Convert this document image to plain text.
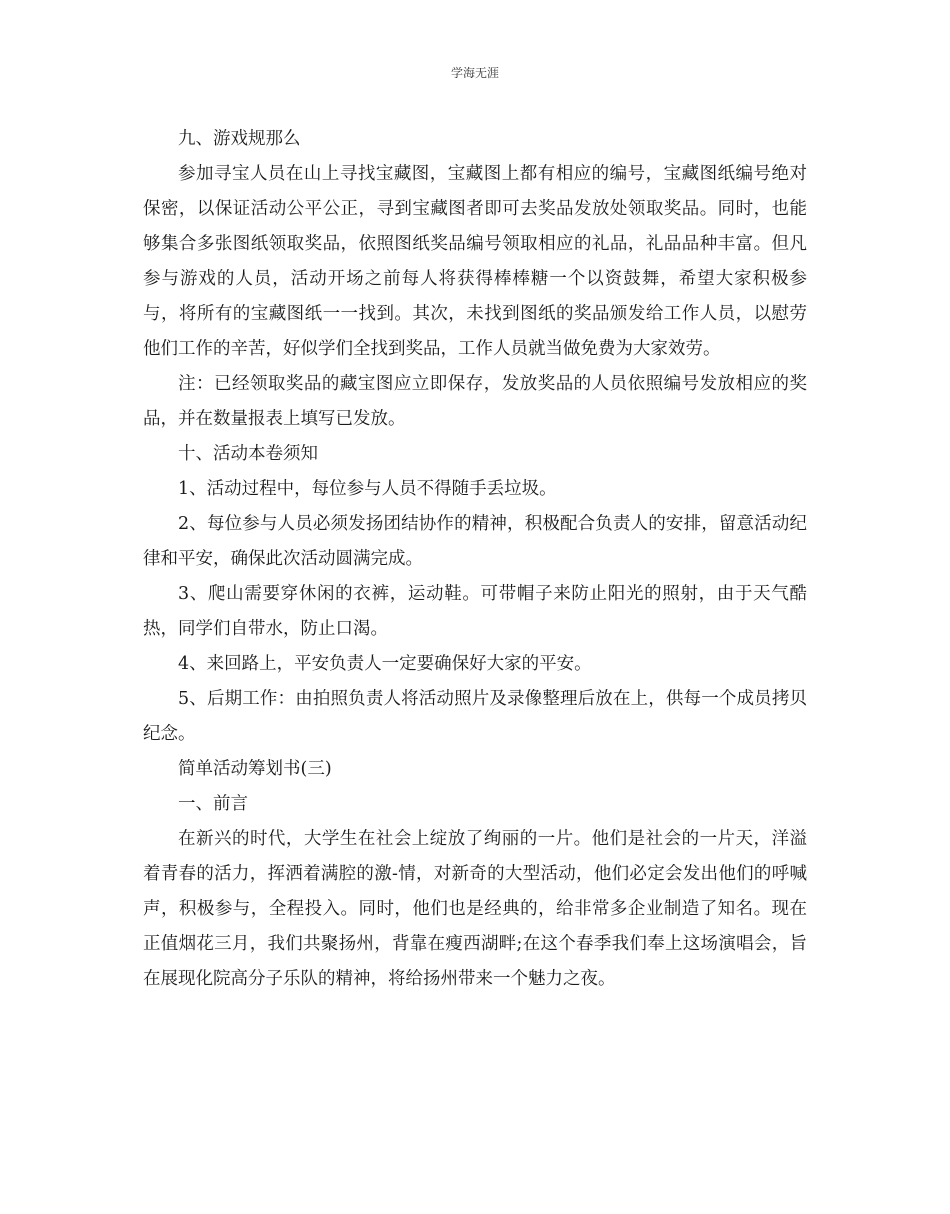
学海无涯

九、游戏规那么

参加寻宝人员在山上寻找宝藏图，宝藏图上都有相应的编号，宝藏图纸编号绝对保密，以保证活动公平公正，寻到宝藏图者即可去奖品发放处领取奖品。同时，也能够集合多张图纸领取奖品，依照图纸奖品编号领取相应的礼品，礼品品种丰富。但凡参与游戏的人员，活动开场之前每人将获得棒棒糖一个以资鼓舞，希望大家积极参与，将所有的宝藏图纸一一找到。其次，未找到图纸的奖品颁发给工作人员，以慰劳他们工作的辛苦，好似学们全找到奖品，工作人员就当做免费为大家效劳。

注：已经领取奖品的藏宝图应立即保存，发放奖品的人员依照编号发放相应的奖品，并在数量报表上填写已发放。

十、活动本卷须知

1、活动过程中，每位参与人员不得随手丢垃圾。

2、每位参与人员必须发扬团结协作的精神，积极配合负责人的安排，留意活动纪律和平安，确保此次活动圆满完成。

3、爬山需要穿休闲的衣裤，运动鞋。可带帽子来防止阳光的照射，由于天气酷热，同学们自带水，防止口渴。

4、来回路上，平安负责人一定要确保好大家的平安。

5、后期工作：由拍照负责人将活动照片及录像整理后放在上，供每一个成员拷贝纪念。

简单活动筹划书(三)

一、前言

在新兴的时代，大学生在社会上绽放了绚丽的一片。他们是社会的一片天，洋溢着青春的活力，挥洒着满腔的激-情，对新奇的大型活动，他们必定会发出他们的呼喊声，积极参与，全程投入。同时，他们也是经典的，给非常多企业制造了知名。现在正值烟花三月，我们共聚扬州，背靠在瘦西湖畔;在这个春季我们奉上这场演唱会，旨在展现化院高分子乐队的精神，将给扬州带来一个魅力之夜。
